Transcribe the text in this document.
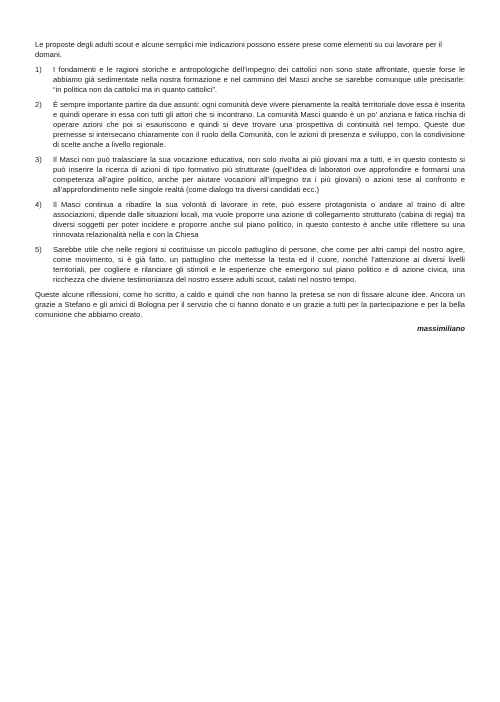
Le proposte degli adulti scout e alcune semplici mie indicazioni possono essere prese come elementi su cui lavorare per il domani.

1) I fondamenti e le ragioni storiche e antropologiche dell’impegno dei cattolici non sono state affrontate, queste forse le abbiamo già sedimentate nella nostra formazione e nel cammino del Masci anche se sarebbe comunque utile precisarle: “in politica non da cattolici ma in quanto cattolici”.
2) È sempre importante partire da due assunti: ogni comunità deve vivere pienamente la realtà territoriale dove essa è inserita e quindi operare in essa con tutti gli attori che si incontrano. La comunità Masci quando è un po’ anziana e fatica rischia di operare azioni che poi si esauriscono e quindi si deve trovare una prospettiva di continuità nel tempo. Queste due premesse si intersecano chiaramente con il ruolo della Comunità, con le azioni di presenza e sviluppo, con la condivisione di scelte anche a livello regionale.
3) Il Masci non può tralasciare la sua vocazione educativa, non solo rivolta ai più giovani ma a tutti, e in questo contesto si può inserire la ricerca di azioni di tipo formativo più strutturate (quell’idea di laboratori ove approfondire e formarsi una competenza all’agire politico, anche per aiutare vocazioni all’impegno tra i più giovani) o azioni tese al confronto e all’approfondimento nelle singole realtà (come dialogo tra diversi candidati ecc.)
4) Il Masci continua a ribadire la sua volontà di lavorare in rete, può essere protagonista o andare al traino di altre associazioni, dipende dalle situazioni locali, ma vuole proporre una azione di collegamento strutturato (cabina di regia) tra diversi soggetti per poter incidere e proporre anche sul piano politico, in questo contesto è anche utile riflettere su una rinnovata relazionalità nella e con la Chiesa
5) Sarebbe utile che nelle regioni si costituisse un piccolo pattuglino di persone, che come per altri campi del nostro agire, come movimento, si è già fatto, un pattuglino che mettesse la testa ed il cuore, nonché l’attenzione ai diversi livelli territoriali, per cogliere e rilanciare gli stimoli e le esperienze che emergono sul piano politico e di azione civica, una ricchezza che diviene testimonianza del nostro essere adulti scout, calati nel nostro tempo.

Queste alcune riflessioni, come ho scritto, a caldo e quindi che non hanno la pretesa se non di fissare alcune idee. Ancora un grazie a Stefano e gli amici di Bologna per il servizio che ci hanno donato e un grazie a tutti per la partecipazione e per la bella comunione che abbiamo creato.

massimiliano
